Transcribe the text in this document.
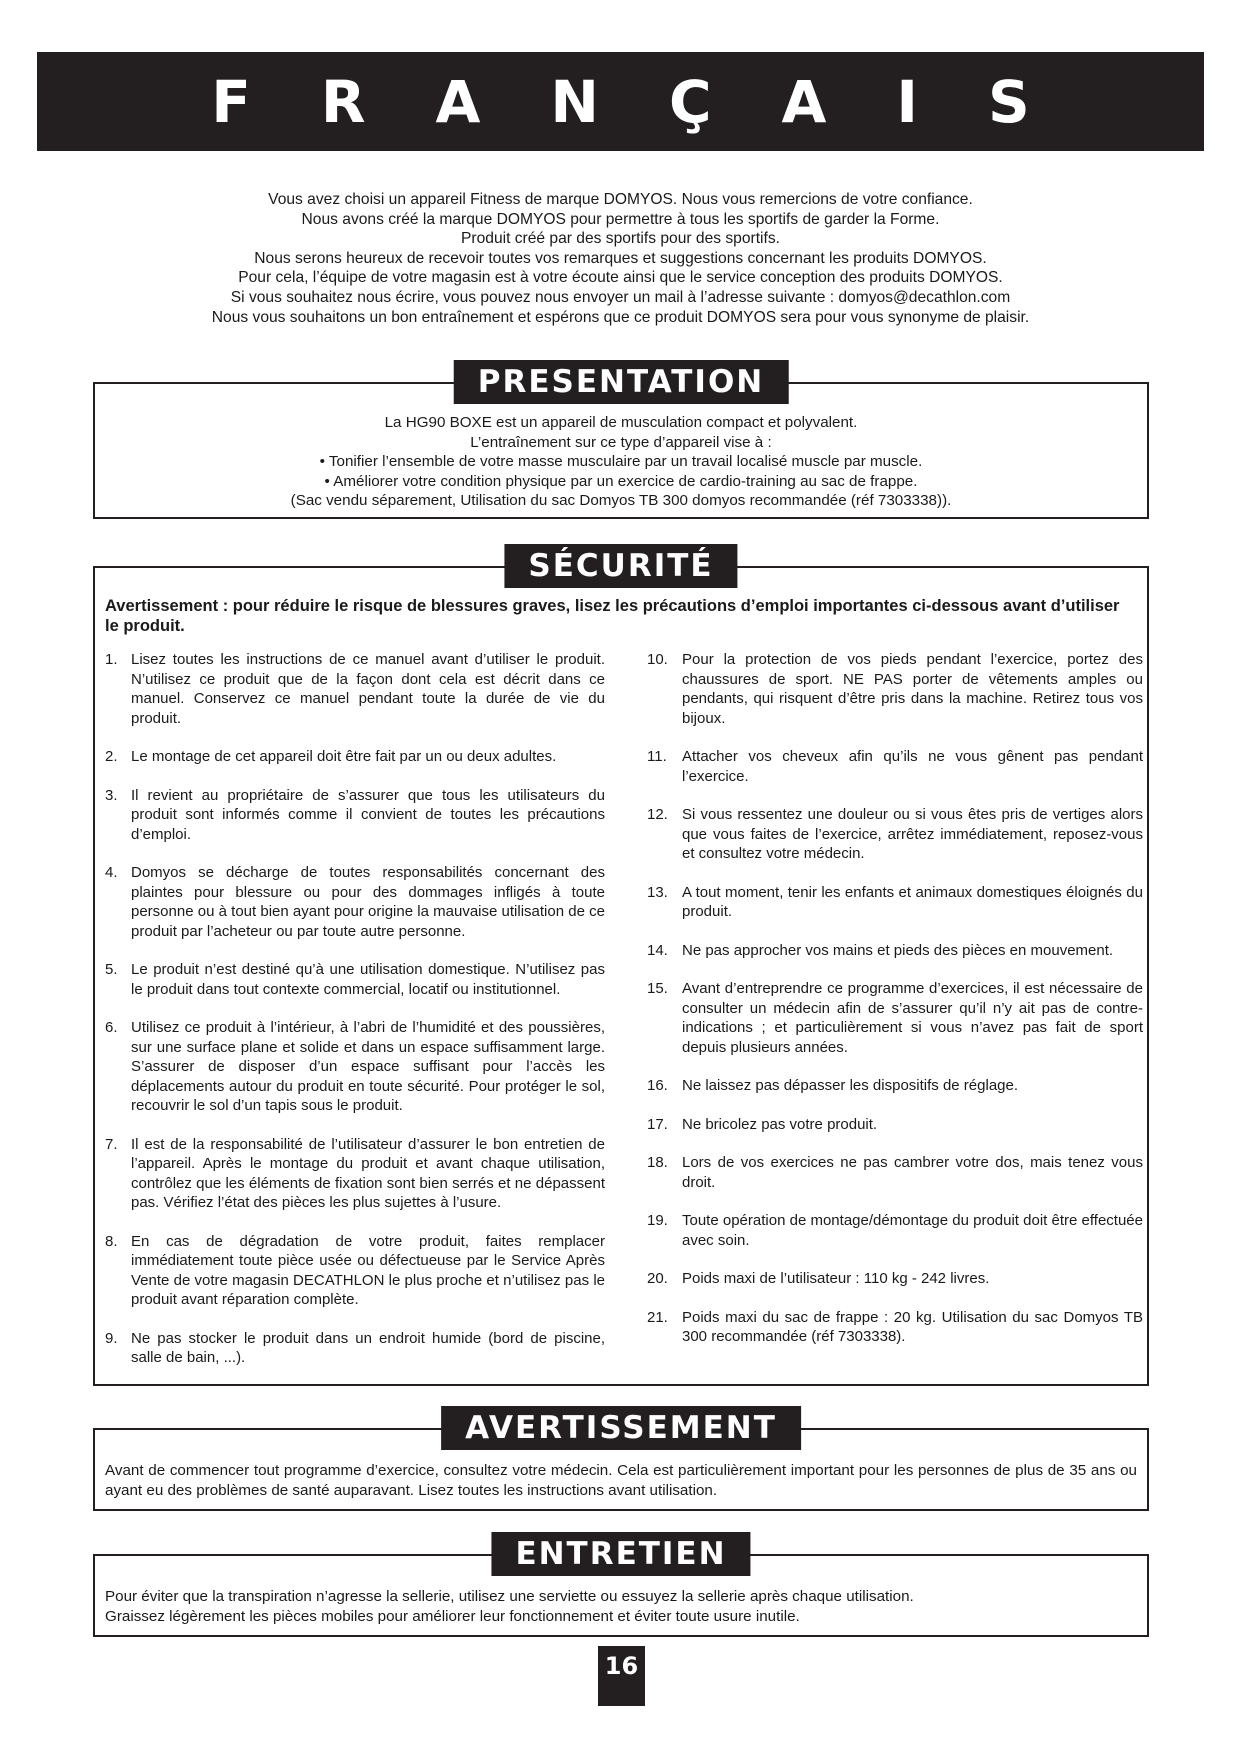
FRANÇAIS

Vous avez choisi un appareil Fitness de marque DOMYOS. Nous vous remercions de votre confiance.

Nous avons créé la marque DOMYOS pour permettre à tous les sportifs de garder la Forme.

Produit créé par des sportifs pour des sportifs.

Nous serons heureux de recevoir toutes vos remarques et suggestions concernant les produits DOMYOS.

Pour cela, l’équipe de votre magasin est à votre écoute ainsi que le service conception des produits DOMYOS.

Si vous souhaitez nous écrire, vous pouvez nous envoyer un mail à l’adresse suivante : domyos@decathlon.com

Nous vous souhaitons un bon entraînement et espérons que ce produit DOMYOS sera pour vous synonyme de plaisir.

PRESENTATION

La HG90 BOXE est un appareil de musculation compact et polyvalent.

L’entraînement sur ce type d’appareil vise à :

• Tonifier l’ensemble de votre masse musculaire par un travail localisé muscle par muscle.

• Améliorer votre condition physique par un exercice de cardio-training au sac de frappe.

(Sac vendu séparement, Utilisation du sac Domyos TB 300 domyos recommandée (réf 7303338)).

SÉCURITÉ
Avertissement : pour réduire le risque de blessures graves, lisez les précautions d’emploi importantes ci-dessous avant d’utiliser le produit.
1. Lisez toutes les instructions de ce manuel avant d’utiliser le produit. N’utilisez ce produit que de la façon dont cela est décrit dans ce manuel. Conservez ce manuel pendant toute la durée de vie du produit.
2. Le montage de cet appareil doit être fait par un ou deux adultes.
3. Il revient au propriétaire de s’assurer que tous les utilisateurs du produit sont informés comme il convient de toutes les précautions d’emploi.
4. Domyos se décharge de toutes responsabilités concernant des plaintes pour blessure ou pour des dommages infligés à toute personne ou à tout bien ayant pour origine la mauvaise utilisation de ce produit par l’acheteur ou par toute autre personne.
5. Le produit n’est destiné qu’à une utilisation domestique. N’utilisez pas le produit dans tout contexte commercial, locatif ou institutionnel.
6. Utilisez ce produit à l’intérieur, à l’abri de l’humidité et des poussières, sur une surface plane et solide et dans un espace suffisamment large. S’assurer de disposer d’un espace suffisant pour l’accès les déplacements autour du produit en toute sécurité. Pour protéger le sol, recouvrir le sol d’un tapis sous le produit.
7. Il est de la responsabilité de l’utilisateur d’assurer le bon entretien de l’appareil. Après le montage du produit et avant chaque utilisation, contrôlez que les éléments de fixation sont bien serrés et ne dépassent pas. Vérifiez l’état des pièces les plus sujettes à l’usure.
8. En cas de dégradation de votre produit, faites remplacer immédiatement toute pièce usée ou défectueuse par le Service Après Vente de votre magasin DECATHLON le plus proche et n’utilisez pas le produit avant réparation complète.
9. Ne pas stocker le produit dans un endroit humide (bord de piscine, salle de bain, ...).
10. Pour la protection de vos pieds pendant l’exercice, portez des chaussures de sport. NE PAS porter de vêtements amples ou pendants, qui risquent d’être pris dans la machine. Retirez tous vos bijoux.
11.	Attacher vos cheveux afin qu’ils ne vous gênent pas pendant l’exercice.
12. Si vous ressentez une douleur ou si vous êtes pris de vertiges alors que vous faites de l’exercice, arrêtez immédiatement, reposez-vous et consultez votre médecin.
13. A tout moment, tenir les enfants et animaux domestiques éloignés du produit.
14. Ne pas approcher vos mains et pieds des pièces en mouvement.
15. Avant d’entreprendre ce programme d’exercices, il est nécessaire de consulter un médecin afin de s’assurer qu’il n’y ait pas de contre-indications ; et particulièrement si vous n’avez pas fait de sport depuis plusieurs années.
16. Ne laissez pas dépasser les dispositifs de réglage.
17. Ne bricolez pas votre produit.
18. Lors de vos exercices ne pas cambrer votre dos, mais tenez vous droit.
19. Toute opération de montage/démontage du produit doit être effectuée avec soin.
20. Poids maxi de l’utilisateur : 110 kg - 242 livres.
21. Poids maxi du sac de frappe : 20 kg. Utilisation du sac Domyos TB 300 recommandée (réf 7303338).
AVERTISSEMENT
Avant de commencer tout programme d’exercice, consultez votre médecin. Cela est particulièrement important pour les personnes de plus de 35 ans ou ayant eu des problèmes de santé auparavant. Lisez toutes les instructions avant utilisation.
ENTRETIEN

Pour éviter que la transpiration n’agresse la sellerie, utilisez une serviette ou essuyez la sellerie après chaque utilisation.

Graissez légèrement les pièces mobiles pour améliorer leur fonctionnement et éviter toute usure inutile.

16
